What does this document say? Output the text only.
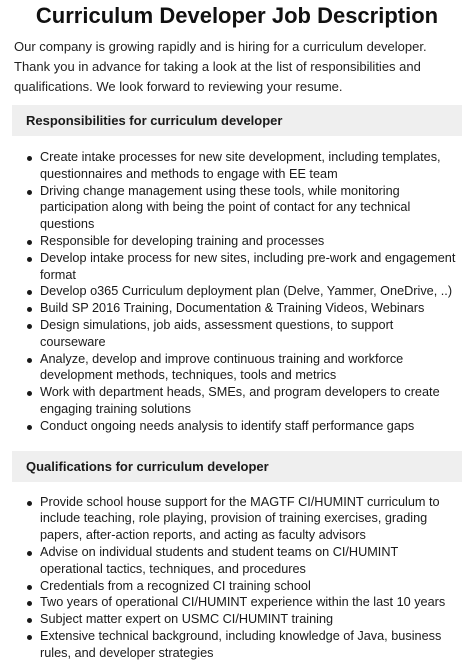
Curriculum Developer Job Description

Our company is growing rapidly and is hiring for a curriculum developer. Thank you in advance for taking a look at the list of responsibilities and qualifications. We look forward to reviewing your resume.

Responsibilities for curriculum developer
Create intake processes for new site development, including templates, questionnaires and methods to engage with EE team
Driving change management using these tools, while monitoring participation along with being the point of contact for any technical questions
Responsible for developing training and processes
Develop intake process for new sites, including pre-work and engagement format
Develop o365 Curriculum deployment plan (Delve, Yammer, OneDrive, ..)
Build SP 2016 Training, Documentation & Training Videos, Webinars
Design simulations, job aids, assessment questions, to support courseware
Analyze, develop and improve continuous training and workforce development methods, techniques, tools and metrics
Work with department heads, SMEs, and program developers to create engaging training solutions
Conduct ongoing needs analysis to identify staff performance gaps
Qualifications for curriculum developer
Provide school house support for the MAGTF CI/HUMINT curriculum to include teaching, role playing, provision of training exercises, grading papers, after-action reports, and acting as faculty advisors
Advise on individual students and student teams on CI/HUMINT operational tactics, techniques, and procedures
Credentials from a recognized CI training school
Two years of operational CI/HUMINT experience within the last 10 years
Subject matter expert on USMC CI/HUMINT training
Extensive technical background, including knowledge of Java, business rules, and developer strategies
